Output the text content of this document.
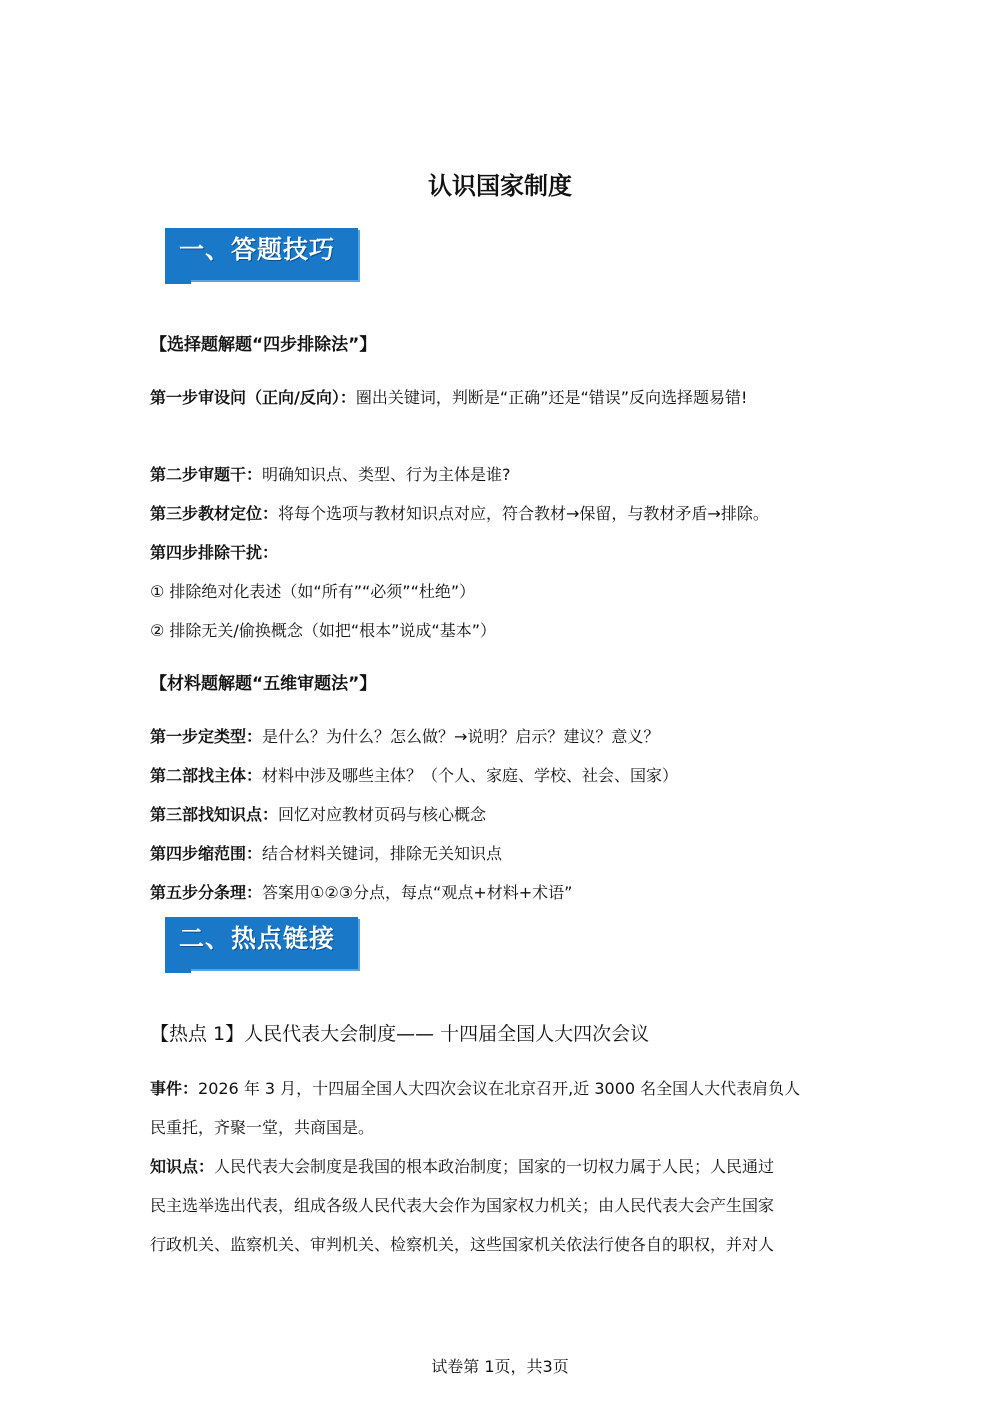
认识国家制度
一、答题技巧
【选择题解题“四步排除法”】
第一步审设问（正向/反向）：圈出关键词，判断是“正确”还是“错误”反向选择题易错!
第二步审题干：明确知识点、类型、行为主体是谁?
第三步教材定位：将每个选项与教材知识点对应，符合教材→保留，与教材矛盾→排除。
第四步排除干扰：
① 排除绝对化表述（如“所有”“必须”“杜绝”）
② 排除无关/偷换概念（如把“根本”说成“基本”）
【材料题解题“五维审题法”】
第一步定类型：是什么？为什么？怎么做？→说明？启示？建议？意义？
第二部找主体：材料中涉及哪些主体？（个人、家庭、学校、社会、国家）
第三部找知识点：回忆对应教材页码与核心概念
第四步缩范围：结合材料关键词，排除无关知识点
第五步分条理：答案用①②③分点，每点“观点+材料+术语”
二、热点链接
【热点 1】人民代表大会制度—— 十四届全国人大四次会议
事件：2026 年 3 月，十四届全国人大四次会议在北京召开,近 3000 名全国人大代表肩负人
民重托，齐聚一堂，共商国是。
知识点：人民代表大会制度是我国的根本政治制度；国家的一切权力属于人民；人民通过
民主选举选出代表，组成各级人民代表大会作为国家权力机关；由人民代表大会产生国家
行政机关、监察机关、审判机关、检察机关，这些国家机关依法行使各自的职权，并对人
试卷第 1页，共3页
